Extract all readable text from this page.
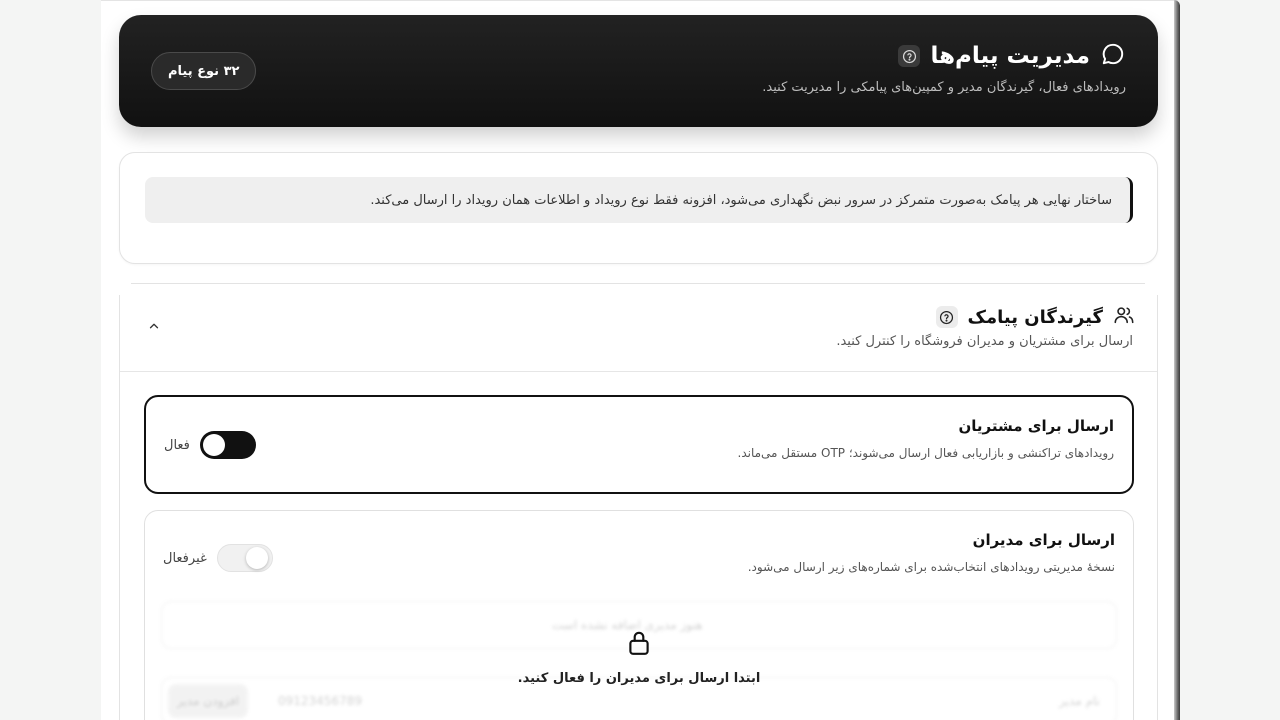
مدیریت پیام‌ها
رویدادهای فعال، گیرندگان مدیر و کمپین‌های پیامکی را مدیریت کنید.
۳۲ نوع پیام
ساختار نهایی هر پیامک به‌صورت متمرکز در سرور نبض نگهداری می‌شود، افزونه فقط نوع رویداد و اطلاعات همان رویداد را ارسال می‌کند.
گیرندگان پیامک
ارسال برای مشتریان و مدیران فروشگاه را کنترل کنید.
ارسال برای مشتریان
رویدادهای تراکنشی و بازاریابی فعال ارسال می‌شوند؛ OTP مستقل می‌ماند.
فعال
ارسال برای مدیران
نسخهٔ مدیریتی رویدادهای انتخاب‌شده برای شماره‌های زیر ارسال می‌شود.
غیرفعال
هنوز مدیری اضافه نشده است
نام مدیر
09123456789
افزودن مدیر
ابتدا ارسال برای مدیران را فعال کنید.
